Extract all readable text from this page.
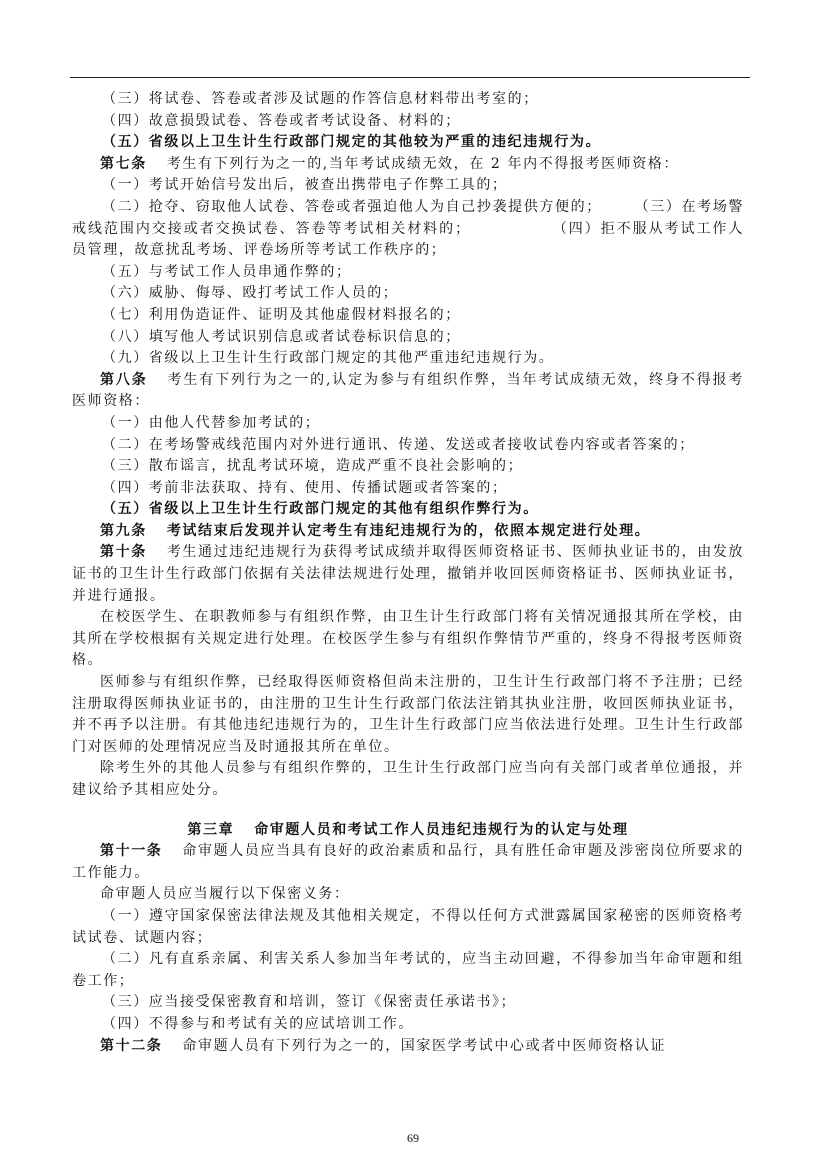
（三）将试卷、答卷或者涉及试题的作答信息材料带出考室的；

（四）故意损毁试卷、答卷或者考试设备、材料的；

（五）省级以上卫生计生行政部门规定的其他较为严重的违纪违规行为。

第七条 考生有下列行为之一的,当年考试成绩无效，在 2 年内不得报考医师资格：

（一）考试开始信号发出后，被查出携带电子作弊工具的；

（二）抢夺、窃取他人试卷、答卷或者强迫他人为自己抄袭提供方便的；　　　（三）在考场警戒线范围内交接或者交换试卷、答卷等考试相关材料的；　　　　　　（四）拒不服从考试工作人员管理，故意扰乱考场、评卷场所等考试工作秩序的；

（五）与考试工作人员串通作弊的；

（六）威胁、侮辱、殴打考试工作人员的；

（七）利用伪造证件、证明及其他虚假材料报名的；

（八）填写他人考试识别信息或者试卷标识信息的；

（九）省级以上卫生计生行政部门规定的其他严重违纪违规行为。

第八条 考生有下列行为之一的,认定为参与有组织作弊，当年考试成绩无效，终身不得报考医师资格：

（一）由他人代替参加考试的；

（二）在考场警戒线范围内对外进行通讯、传递、发送或者接收试卷内容或者答案的；

（三）散布谣言，扰乱考试环境，造成严重不良社会影响的；

（四）考前非法获取、持有、使用、传播试题或者答案的；

（五）省级以上卫生计生行政部门规定的其他有组织作弊行为。

第九条 考试结束后发现并认定考生有违纪违规行为的，依照本规定进行处理。

第十条 考生通过违纪违规行为获得考试成绩并取得医师资格证书、医师执业证书的，由发放证书的卫生计生行政部门依据有关法律法规进行处理，撤销并收回医师资格证书、医师执业证书，并进行通报。

在校医学生、在职教师参与有组织作弊，由卫生计生行政部门将有关情况通报其所在学校，由其所在学校根据有关规定进行处理。在校医学生参与有组织作弊情节严重的，终身不得报考医师资格。

医师参与有组织作弊，已经取得医师资格但尚未注册的，卫生计生行政部门将不予注册；已经注册取得医师执业证书的，由注册的卫生计生行政部门依法注销其执业注册，收回医师执业证书，并不再予以注册。有其他违纪违规行为的，卫生计生行政部门应当依法进行处理。卫生计生行政部门对医师的处理情况应当及时通报其所在单位。

除考生外的其他人员参与有组织作弊的，卫生计生行政部门应当向有关部门或者单位通报，并建议给予其相应处分。

第三章 命审题人员和考试工作人员违纪违规行为的认定与处理

第十一条 命审题人员应当具有良好的政治素质和品行，具有胜任命审题及涉密岗位所要求的工作能力。

命审题人员应当履行以下保密义务：

（一）遵守国家保密法律法规及其他相关规定，不得以任何方式泄露属国家秘密的医师资格考试试卷、试题内容；

（二）凡有直系亲属、利害关系人参加当年考试的，应当主动回避，不得参加当年命审题和组卷工作；

（三）应当接受保密教育和培训，签订《保密责任承诺书》；

（四）不得参与和考试有关的应试培训工作。

第十二条 命审题人员有下列行为之一的，国家医学考试中心或者中医师资格认证

69
